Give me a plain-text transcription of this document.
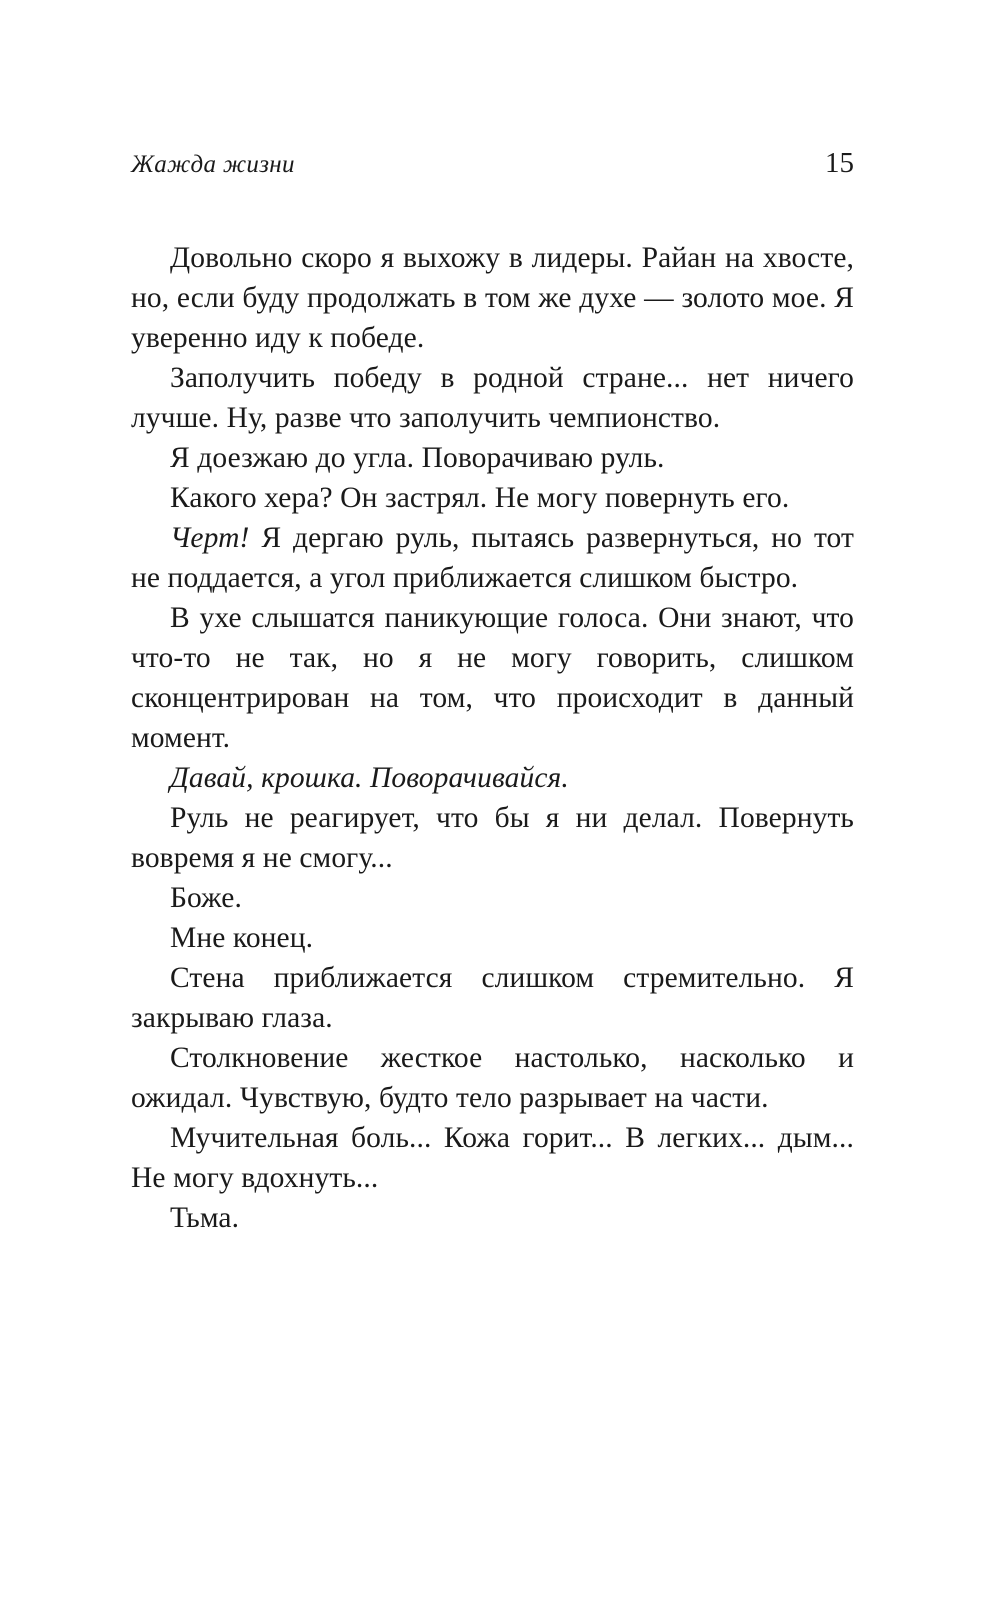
Жажда жизни	15

Довольно скоро я выхожу в лидеры. Райан на хвосте, но, если буду продолжать в том же духе — золото мое. Я уверенно иду к победе.

Заполучить победу в родной стране... нет ничего лучше. Ну, разве что заполучить чемпионство.

Я доезжаю до угла. Поворачиваю руль.

Какого хера? Он застрял. Не могу повернуть его.

Черт! Я дергаю руль, пытаясь развернуться, но тот не поддается, а угол приближается слишком быстро.

В ухе слышатся паникующие голоса. Они знают, что что-то не так, но я не могу говорить, слишком сконцентрирован на том, что происходит в данный момент.

Давай, крошка. Поворачивайся.

Руль не реагирует, что бы я ни делал. Повернуть вовремя я не смогу...

Боже.

Мне конец.

Стена приближается слишком стремительно. Я закрываю глаза.

Столкновение жесткое настолько, насколько и ожидал. Чувствую, будто тело разрывает на части.

Мучительная боль... Кожа горит... В легких... дым... Не могу вдохнуть...

Тьма.
